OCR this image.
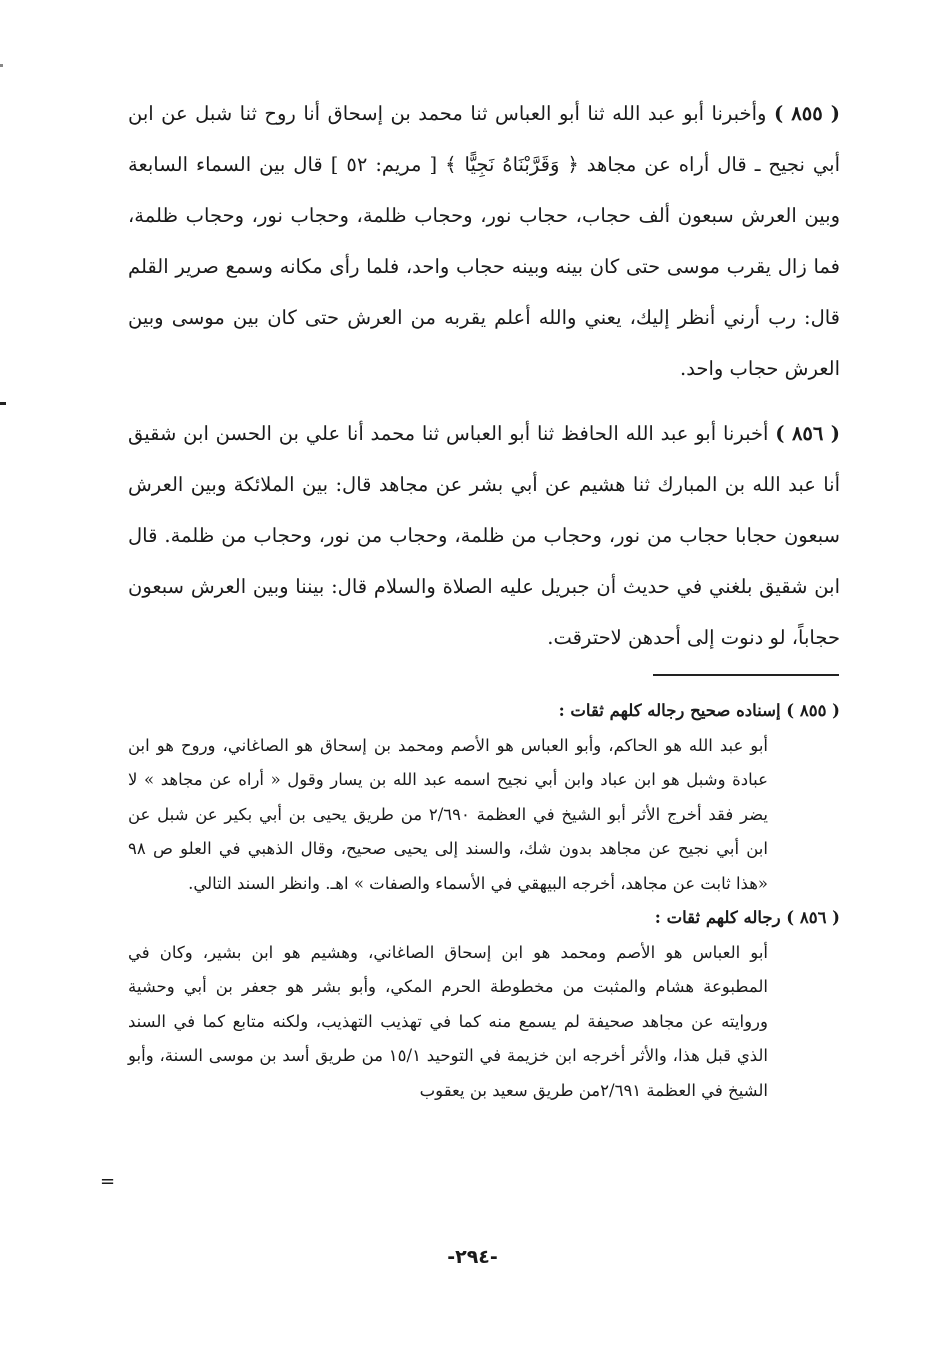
( ٨٥٥ ) وأخبرنا أبو عبد الله ثنا أبو العباس ثنا محمد بن إسحاق أنا روح ثنا شبل عن ابن أبي نجيح ـ قال أراه عن مجاهد ﴿ وَقَرَّبْنَاهُ نَجِيًّا ﴾ [ مريم: ٥٢ ] قال بين السماء السابعة وبين العرش سبعون ألف حجاب، حجاب نور، وحجاب ظلمة، وحجاب نور، وحجاب ظلمة، فما زال يقرب موسى حتى كان بينه وبينه حجاب واحد، فلما رأى مكانه وسمع صرير القلم قال: رب أرني أنظر إليك، يعني والله أعلم يقربه من العرش حتى كان بين موسى وبين العرش حجاب واحد.

( ٨٥٦ ) أخبرنا أبو عبد الله الحافظ ثنا أبو العباس ثنا محمد أنا علي بن الحسن ابن شقيق أنا عبد الله بن المبارك ثنا هشيم عن أبي بشر عن مجاهد قال: بين الملائكة وبين العرش سبعون حجابا حجاب من نور، وحجاب من ظلمة، وحجاب من نور، وحجاب من ظلمة. قال ابن شقيق بلغني في حديث أن جبريل عليه الصلاة والسلام قال: بيننا وبين العرش سبعون حجاباً، لو دنوت إلى أحدهن لاحترقت.

( ٨٥٥ ) إسناده صحيح رجاله كلهم ثقات :

أبو عبد الله هو الحاكم، وأبو العباس هو الأصم ومحمد بن إسحاق هو الصاغاني، وروح هو ابن عبادة وشبل هو ابن عباد وابن أبي نجيح اسمه عبد الله بن يسار وقول « أراه عن مجاهد » لا يضر فقد أخرج الأثر أبو الشيخ في العظمة ٢/٦٩٠ من طريق يحيى بن أبي بكير عن شبل عن ابن أبي نجيح عن مجاهد بدون شك، والسند إلى يحيى صحيح، وقال الذهبي في العلو ص ٩٨ «هذا ثابت عن مجاهد، أخرجه البيهقي في الأسماء والصفات » اهـ. وانظر السند التالي.

( ٨٥٦ ) رجاله كلهم ثقات :

أبو العباس هو الأصم ومحمد هو ابن إسحاق الصاغاني، وهشيم هو ابن بشير، وكان في المطبوعة هشام والمثبت من مخطوطة الحرم المكي، وأبو بشر هو جعفر بن أبي وحشية وروايته عن مجاهد صحيفة لم يسمع منه كما في تهذيب التهذيب، ولكنه متابع كما في السند الذي قبل هذا، والأثر أخرجه ابن خزيمة في التوحيد ١٥/١ من طريق أسد بن موسى السنة، وأبو الشيخ في العظمة ٢/٦٩١من طريق سعيد بن يعقوب

=
-٢٩٤-
